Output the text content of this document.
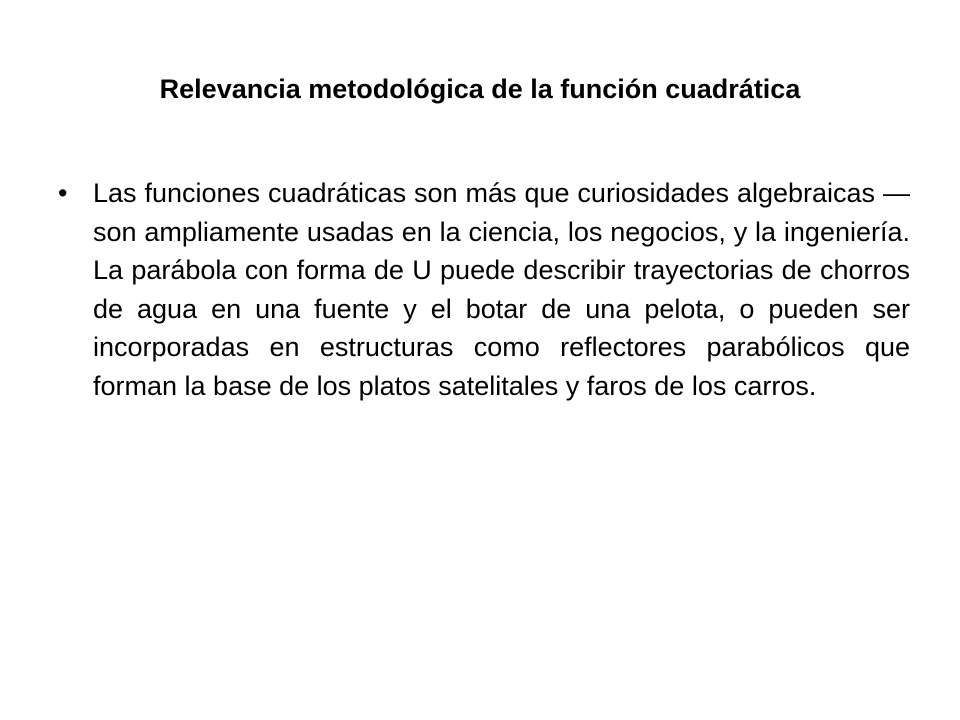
Relevancia metodológica de la función cuadrática
• Las funciones cuadráticas son más que curiosidades algebraicas — son ampliamente usadas en la ciencia, los negocios, y la ingeniería. La parábola con forma de U puede describir trayectorias de chorros de agua en una fuente y el botar de una pelota, o pueden ser incorporadas en estructuras como reflectores parabólicos que forman la base de los platos satelitales y faros de los carros.
